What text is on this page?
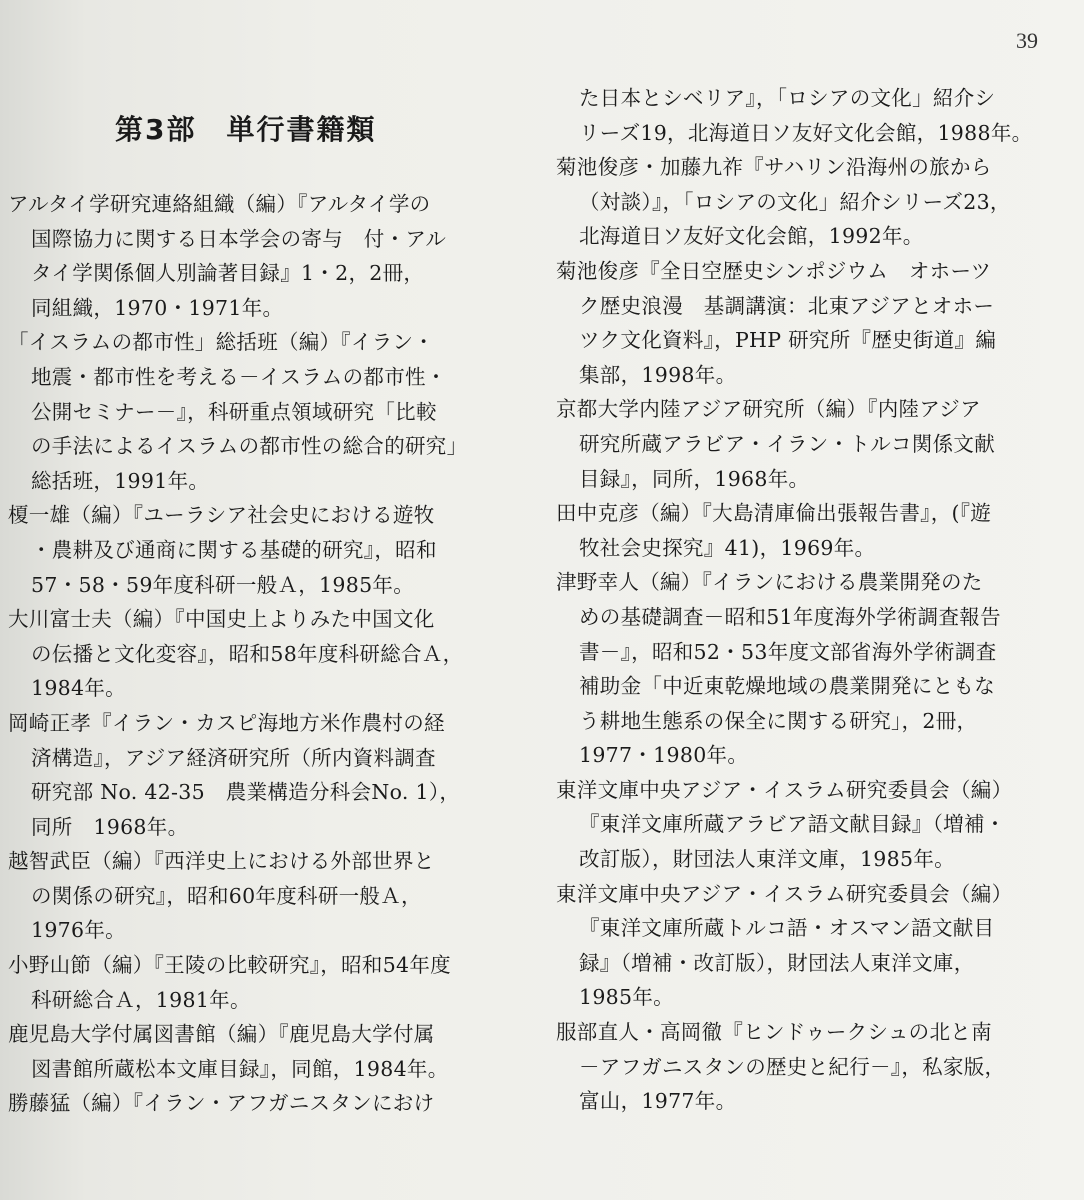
39
第3部　単行書籍類
アルタイ学研究連絡組織（編）『アルタイ学の
国際協力に関する日本学会の寄与　付・アル
タイ学関係個人別論著目録』1・2，2冊，
同組織，1970・1971年。
「イスラムの都市性」総括班（編）『イラン・
地震・都市性を考える－イスラムの都市性・
公開セミナー－』，科研重点領域研究「比較
の手法によるイスラムの都市性の総合的研究」
総括班，1991年。
榎一雄（編）『ユーラシア社会史における遊牧
・農耕及び通商に関する基礎的研究』，昭和
57・58・59年度科研一般Ａ，1985年。
大川富士夫（編）『中国史上よりみた中国文化
の伝播と文化変容』，昭和58年度科研総合Ａ，
1984年。
岡崎正孝『イラン・カスピ海地方米作農村の経
済構造』，アジア経済研究所（所内資料調査
研究部 No. 42-35　農業構造分科会No. 1），
同所　1968年。
越智武臣（編）『西洋史上における外部世界と
の関係の研究』，昭和60年度科研一般Ａ，
1976年。
小野山節（編）『王陵の比較研究』，昭和54年度
科研総合Ａ，1981年。
鹿児島大学付属図書館（編）『鹿児島大学付属
図書館所蔵松本文庫目録』，同館，1984年。
勝藤猛（編）『イラン・アフガニスタンにおけ
た日本とシベリア』，「ロシアの文化」紹介シ
リーズ19，北海道日ソ友好文化会館，1988年。
菊池俊彦・加藤九祚『サハリン沿海州の旅から
（対談）』，「ロシアの文化」紹介シリーズ23，
北海道日ソ友好文化会館，1992年。
菊池俊彦『全日空歴史シンポジウム　オホーツ
ク歴史浪漫　基調講演：北東アジアとオホー
ツク文化資料』，PHP 研究所『歴史街道』編
集部，1998年。
京都大学内陸アジア研究所（編）『内陸アジア
研究所蔵アラビア・イラン・トルコ関係文献
目録』，同所，1968年。
田中克彦（編）『大島清庫倫出張報告書』，(『遊
牧社会史探究』41)，1969年。
津野幸人（編）『イランにおける農業開発のた
めの基礎調査－昭和51年度海外学術調査報告
書－』，昭和52・53年度文部省海外学術調査
補助金「中近東乾燥地域の農業開発にともな
う耕地生態系の保全に関する研究」，2冊，
1977・1980年。
東洋文庫中央アジア・イスラム研究委員会（編）
『東洋文庫所蔵アラビア語文献目録』（増補・
改訂版），財団法人東洋文庫，1985年。
東洋文庫中央アジア・イスラム研究委員会（編）
『東洋文庫所蔵トルコ語・オスマン語文献目
録』（増補・改訂版），財団法人東洋文庫，
1985年。
服部直人・高岡徹『ヒンドゥークシュの北と南
－アフガニスタンの歴史と紀行－』，私家版，
富山，1977年。
